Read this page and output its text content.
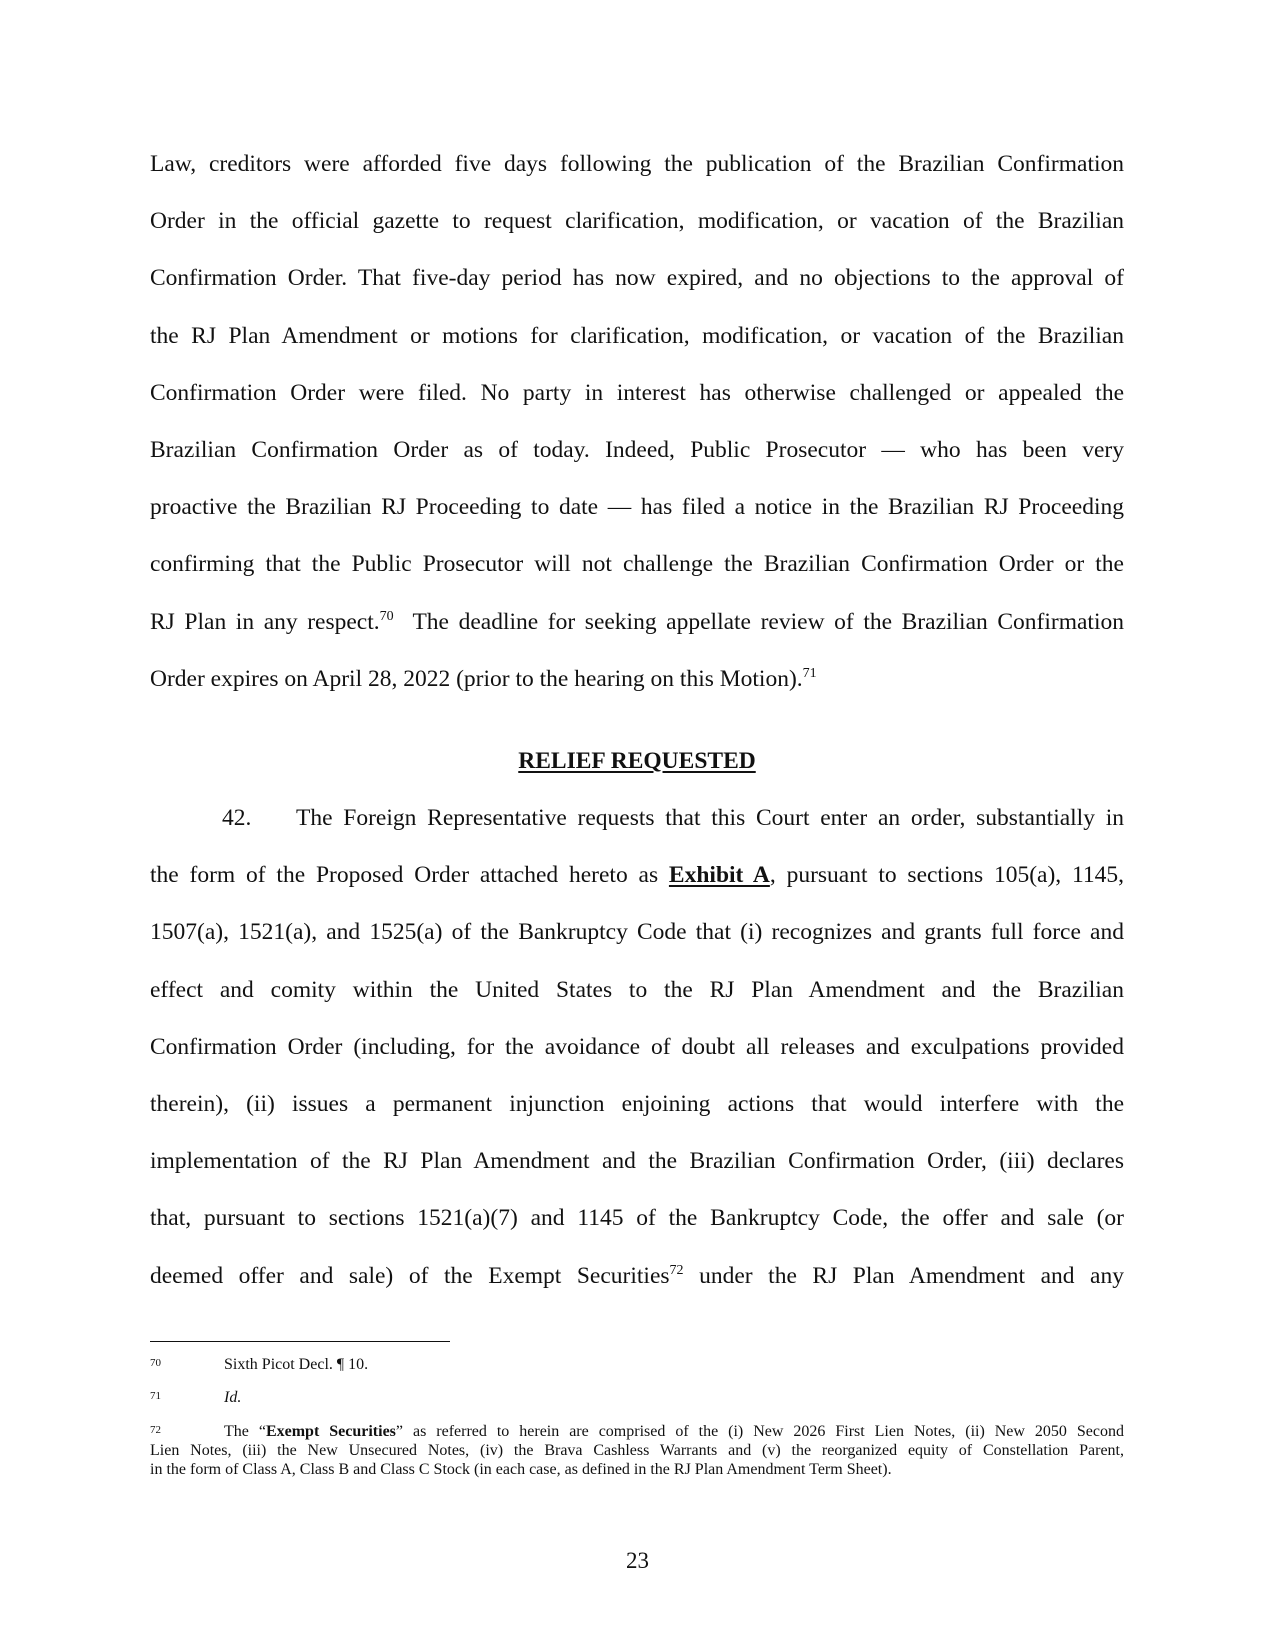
Law, creditors were afforded five days following the publication of the Brazilian Confirmation
Order in the official gazette to request clarification, modification, or vacation of the Brazilian
Confirmation Order. That five-day period has now expired, and no objections to the approval of
the RJ Plan Amendment or motions for clarification, modification, or vacation of the Brazilian
Confirmation Order were filed. No party in interest has otherwise challenged or appealed the
Brazilian Confirmation Order as of today. Indeed, Public Prosecutor — who has been very
proactive the Brazilian RJ Proceeding to date — has filed a notice in the Brazilian RJ Proceeding
confirming that the Public Prosecutor will not challenge the Brazilian Confirmation Order or the
RJ Plan in any respect.$^{70}$  The deadline for seeking appellate review of the Brazilian Confirmation
Order expires on April 28, 2022 (prior to the hearing on this Motion).$^{71}$
RELIEF REQUESTED
42. The Foreign Representative requests that this Court enter an order, substantially in
the form of the Proposed Order attached hereto as Exhibit A, pursuant to sections 105(a), 1145,
1507(a), 1521(a), and 1525(a) of the Bankruptcy Code that (i) recognizes and grants full force and
effect and comity within the United States to the RJ Plan Amendment and the Brazilian
Confirmation Order (including, for the avoidance of doubt all releases and exculpations provided
therein), (ii) issues a permanent injunction enjoining actions that would interfere with the
implementation of the RJ Plan Amendment and the Brazilian Confirmation Order, (iii) declares
that, pursuant to sections 1521(a)(7) and 1145 of the Bankruptcy Code, the offer and sale (or
deemed offer and sale) of the Exempt Securities$^{72}$ under the RJ Plan Amendment and any
70	Sixth Picot Decl. ¶ 10.
71	Id.
72	The “Exempt Securities” as referred to herein are comprised of the (i) New 2026 First Lien Notes, (ii) New 2050 Second
Lien Notes, (iii) the New Unsecured Notes, (iv) the Brava Cashless Warrants and (v) the reorganized equity of Constellation Parent,
in the form of Class A, Class B and Class C Stock (in each case, as defined in the RJ Plan Amendment Term Sheet).
23
